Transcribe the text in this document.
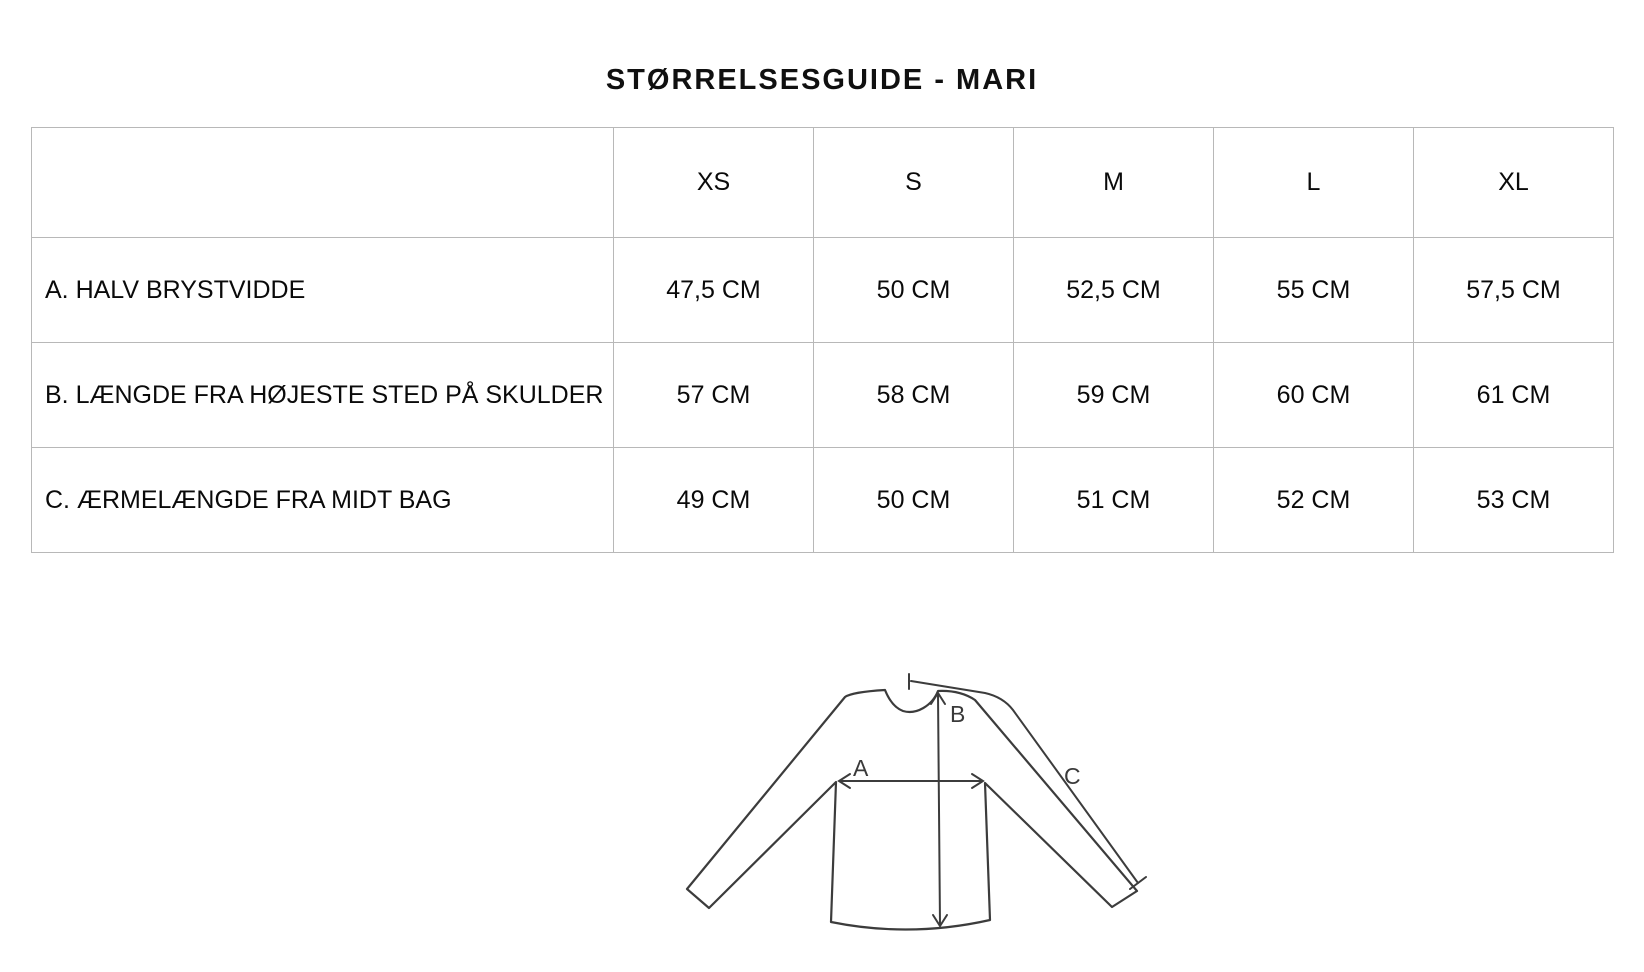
STØRRELSESGUIDE - MARI
	XS	S	M	L	XL
A. HALV BRYSTVIDDE	47,5 CM	50 CM	52,5 CM	55 CM	57,5 CM
B. LÆNGDE FRA HØJESTE STED PÅ SKULDER	57 CM	58 CM	59 CM	60 CM	61 CM
C. ÆRMELÆNGDE FRA MIDT BAG	49 CM	50 CM	51 CM	52 CM	53 CM
A
B
C
